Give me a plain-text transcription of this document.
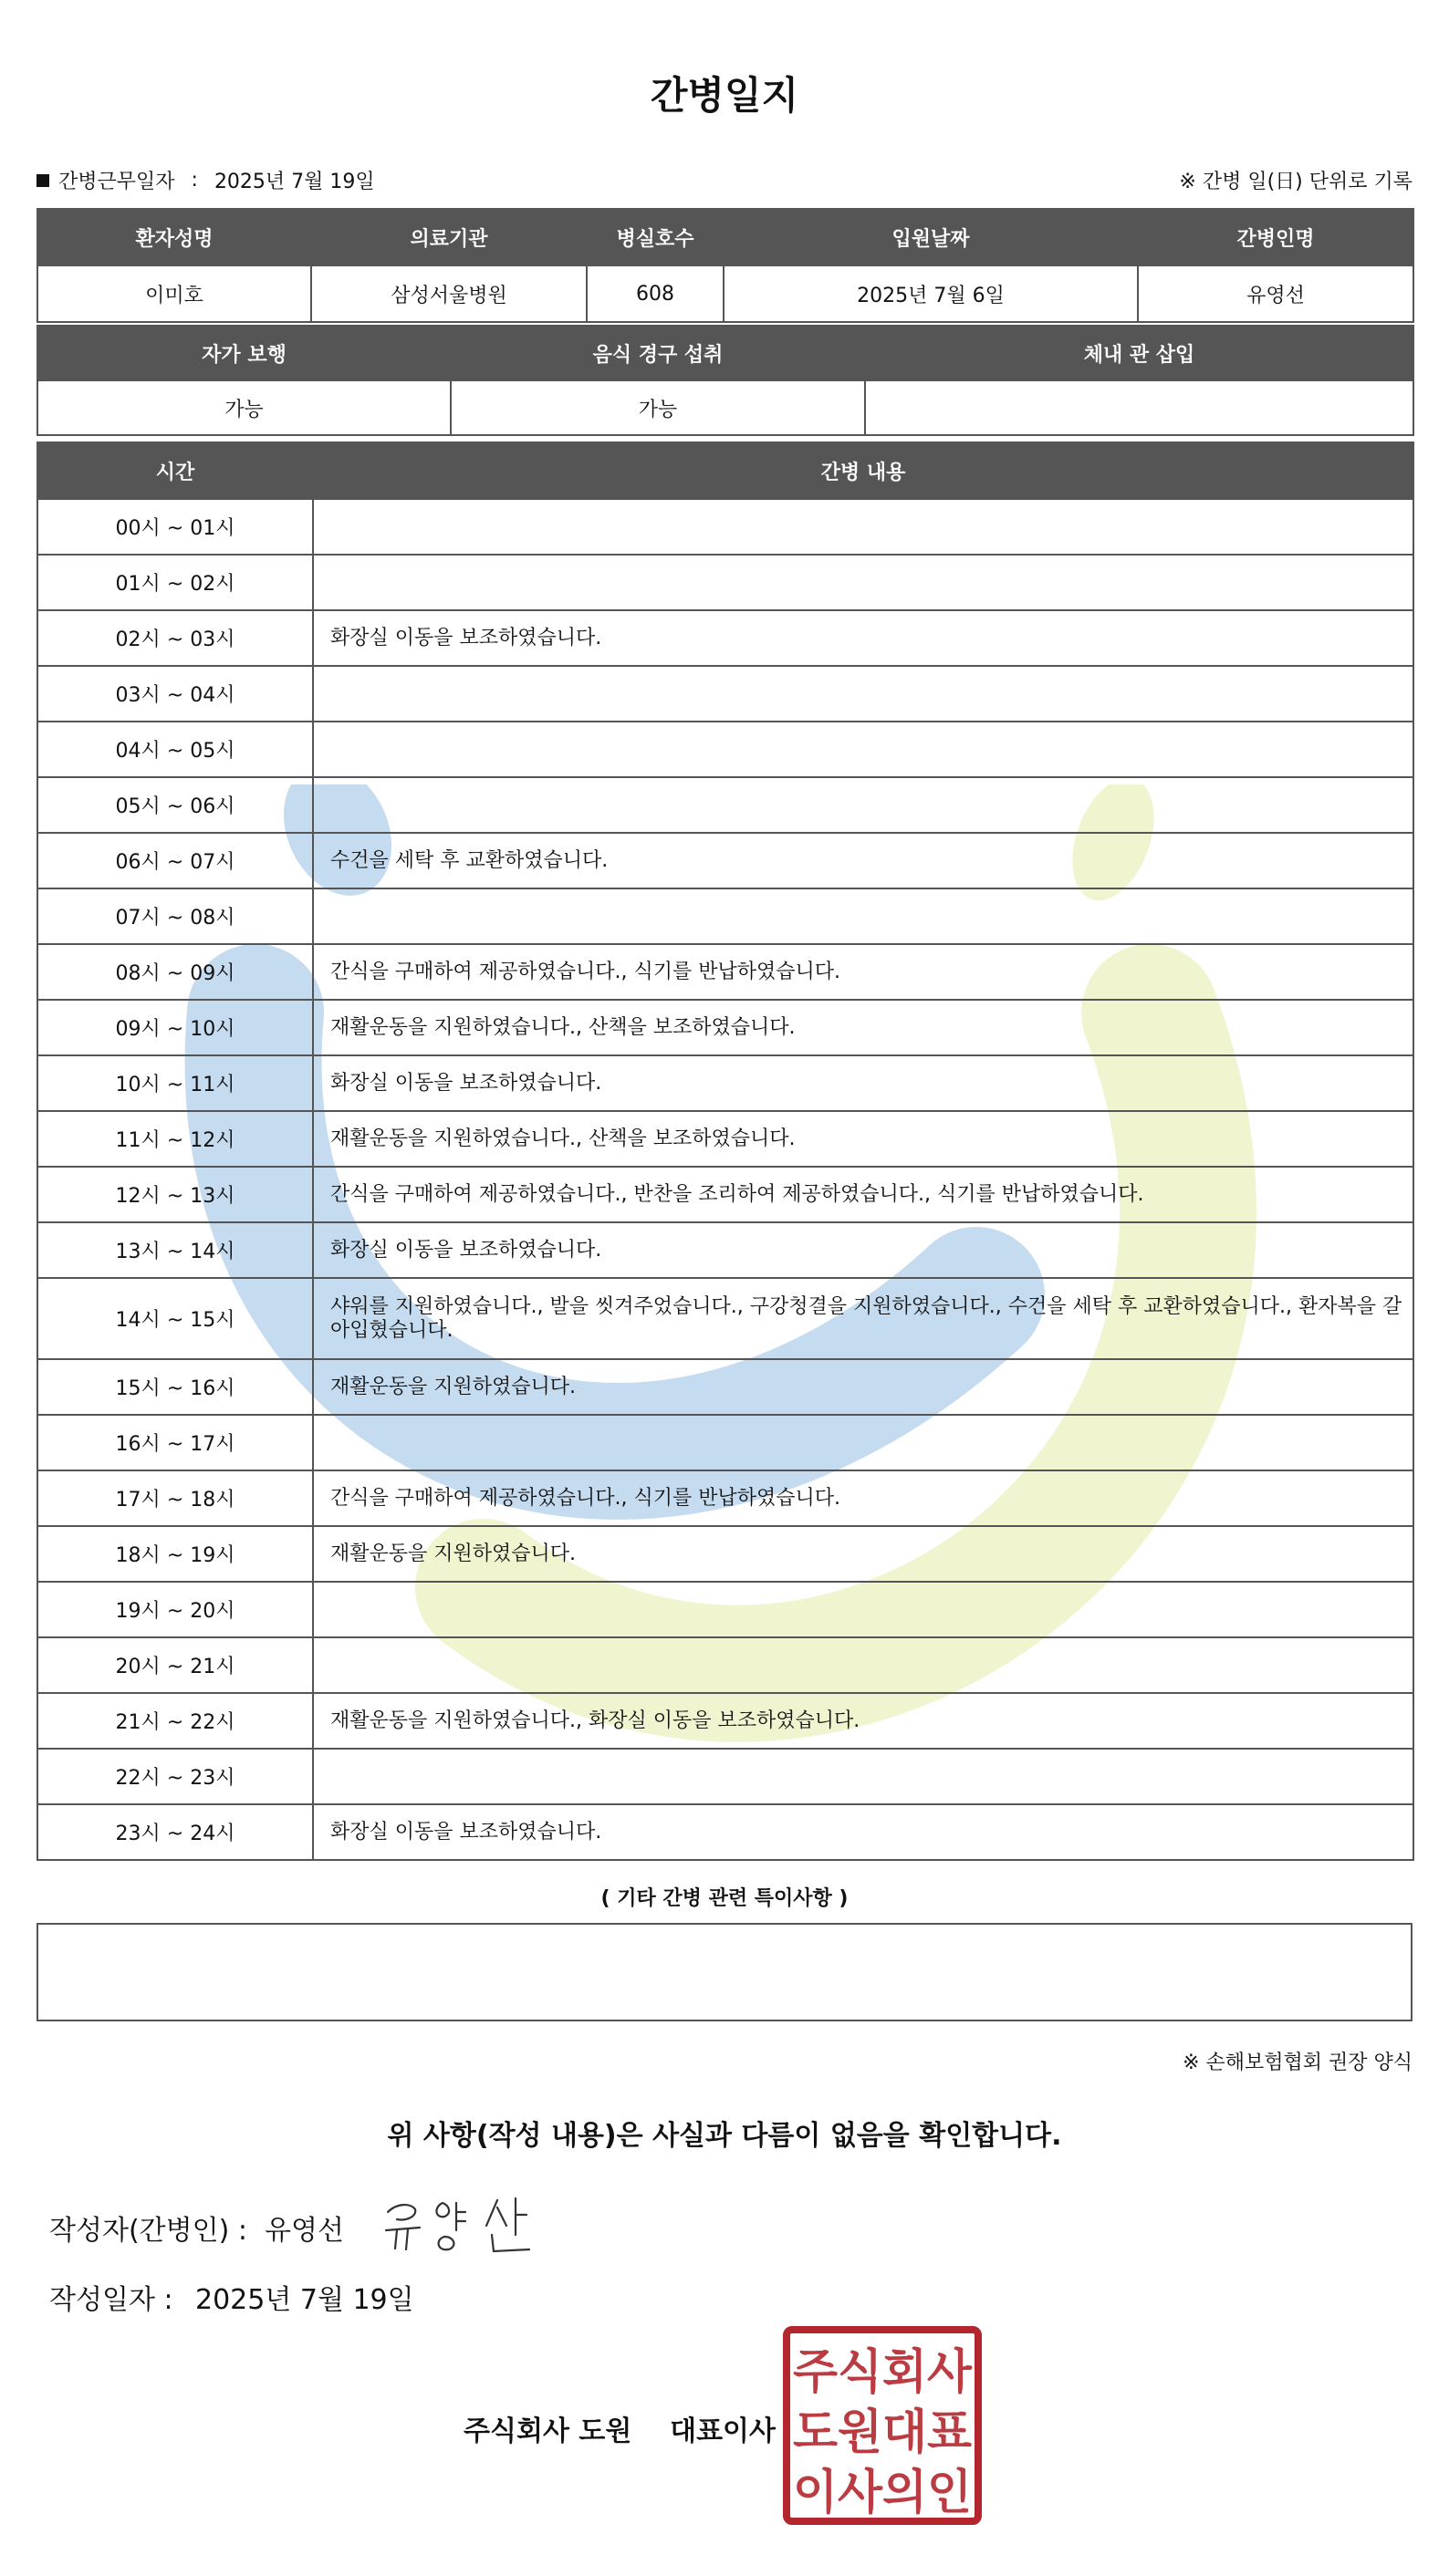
간병일지
간병근무일자 : 2025년 7월 19일	※ 간병 일(日) 단위로 기록
환자성명	의료기관	병실호수	입원날짜	간병인명
이미호	삼성서울병원	608	2025년 7월 6일	유영선
자가 보행	음식 경구 섭취	체내 관 삽입
가능	가능	
시간	간병 내용
00시 ~ 01시	
01시 ~ 02시	
02시 ~ 03시	화장실 이동을 보조하였습니다.
03시 ~ 04시	
04시 ~ 05시	
05시 ~ 06시	
06시 ~ 07시	수건을 세탁 후 교환하였습니다.
07시 ~ 08시	
08시 ~ 09시	간식을 구매하여 제공하였습니다., 식기를 반납하였습니다.
09시 ~ 10시	재활운동을 지원하였습니다., 산책을 보조하였습니다.
10시 ~ 11시	화장실 이동을 보조하였습니다.
11시 ~ 12시	재활운동을 지원하였습니다., 산책을 보조하였습니다.
12시 ~ 13시	간식을 구매하여 제공하였습니다., 반찬을 조리하여 제공하였습니다., 식기를 반납하였습니다.
13시 ~ 14시	화장실 이동을 보조하였습니다.
14시 ~ 15시	샤워를 지원하였습니다., 발을 씻겨주었습니다., 구강청결을 지원하였습니다., 수건을 세탁 후 교환하였습니다., 환자복을 갈아입혔습니다.
15시 ~ 16시	재활운동을 지원하였습니다.
16시 ~ 17시	
17시 ~ 18시	간식을 구매하여 제공하였습니다., 식기를 반납하였습니다.
18시 ~ 19시	재활운동을 지원하였습니다.
19시 ~ 20시	
20시 ~ 21시	
21시 ~ 22시	재활운동을 지원하였습니다., 화장실 이동을 보조하였습니다.
22시 ~ 23시	
23시 ~ 24시	화장실 이동을 보조하였습니다.
( 기타 간병 관련 특이사항 )
※ 손해보험협회 권장 양식
위 사항(작성 내용)은 사실과 다름이 없음을 확인합니다.
작성자(간병인) : 유영선
작성일자 : 2025년 7월 19일
주식회사 도원    대표이사
주식회사
도원대표
이사의인
